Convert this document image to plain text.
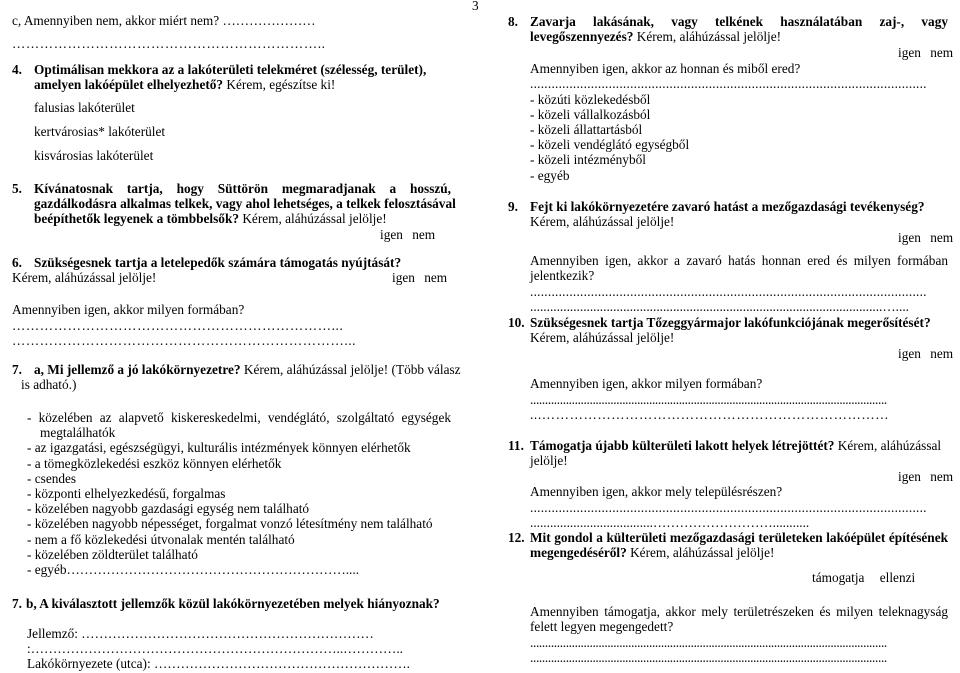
3
c, Amennyiben nem, akkor miért nem? …………………
…………………………………………………………..
4. Optimálisan mekkora az a lakóterületi telekméret (szélesség, terület),
amelyen lakóépület elhelyezhető? Kérem, egészítse ki!
falusias lakóterület
kertvárosias* lakóterület
kisvárosias lakóterület
5. Kívánatosnak tartja, hogy Süttörön megmaradjanak a hosszú,
gazdálkodásra alkalmas telkek, vagy ahol lehetséges, a telkek felosztásával
beépíthetők legyenek a tömbbelsők? Kérem, aláhúzással jelölje!
igen nem
6. Szükségesnek tartja a letelepedők számára támogatás nyújtását?
Kérem, aláhúzással jelölje!	igen nem
Amennyiben igen, akkor milyen formában?
……………………………………………………………...
………………………………………………………………...
7. a, Mi jellemző a jó lakókörnyezetre? Kérem, aláhúzással jelölje! (Több válasz
is adható.)
- közelében az alapvető kiskereskedelmi, vendéglátó, szolgáltató egységek
megtalálhatók
- az igazgatási, egészségügyi, kulturális intézmények könnyen elérhetők
- a tömegközlekedési eszköz könnyen elérhetők
- csendes
- központi elhelyezkedésű, forgalmas
- közelében nagyobb gazdasági egység nem található
- közelében nagyobb népességet, forgalmat vonzó létesítmény nem található
- nem a fő közlekedési útvonalak mentén található
- közelében zöldterület található
- egyéb………………………………………………………....
7. b, A kiválasztott jellemzők közül lakókörnyezetében melyek hiányoznak?
Jellemző: …………………………………………………………
:……………………………………………………………..…………..
Lakókörnyezete (utca): ………………………………………………….
8. Zavarja lakásának, vagy telkének használatában zaj-, vagy
levegőszennyezés? Kérem, aláhúzással jelölje!
igen nem
Amennyiben igen, akkor az honnan és miből ered?
...............................................................................................................
- közúti közlekedésből
- közeli vállalkozásból
- közeli állattartásból
- közeli vendéglátó egységből
- közeli intézményből
- egyéb
9. Fejt ki lakókörnyezetére zavaró hatást a mezőgazdasági tevékenység?
Kérem, aláhúzással jelölje!
igen nem
Amennyiben igen, akkor a zavaró hatás honnan ered és milyen formában
jelentkezik?
...............................................................................................................
..........................................................................................................…....
10. Szükségesnek tartja Tőzeggyármajor lakófunkciójának megerősítését?
Kérem, aláhúzással jelölje!
igen nem
Amennyiben igen, akkor milyen formában?
........................................................................................................................
...…………………………………………………………………
11. Támogatja újabb külterületi lakott helyek létrejöttét? Kérem, aláhúzással
jelölje!
igen nem
Amennyiben igen, akkor mely településrészen?
...............................................................................................................
.....................................………………………...........
12. Mit gondol a külterületi mezőgazdasági területeken lakóépület építésének
megengedéséről? Kérem, aláhúzással jelölje!
támogatja ellenzi
Amennyiben támogatja, akkor mely területrészeken és milyen teleknagyság
felett legyen megengedett?
........................................................................................................................
........................................................................................................................
